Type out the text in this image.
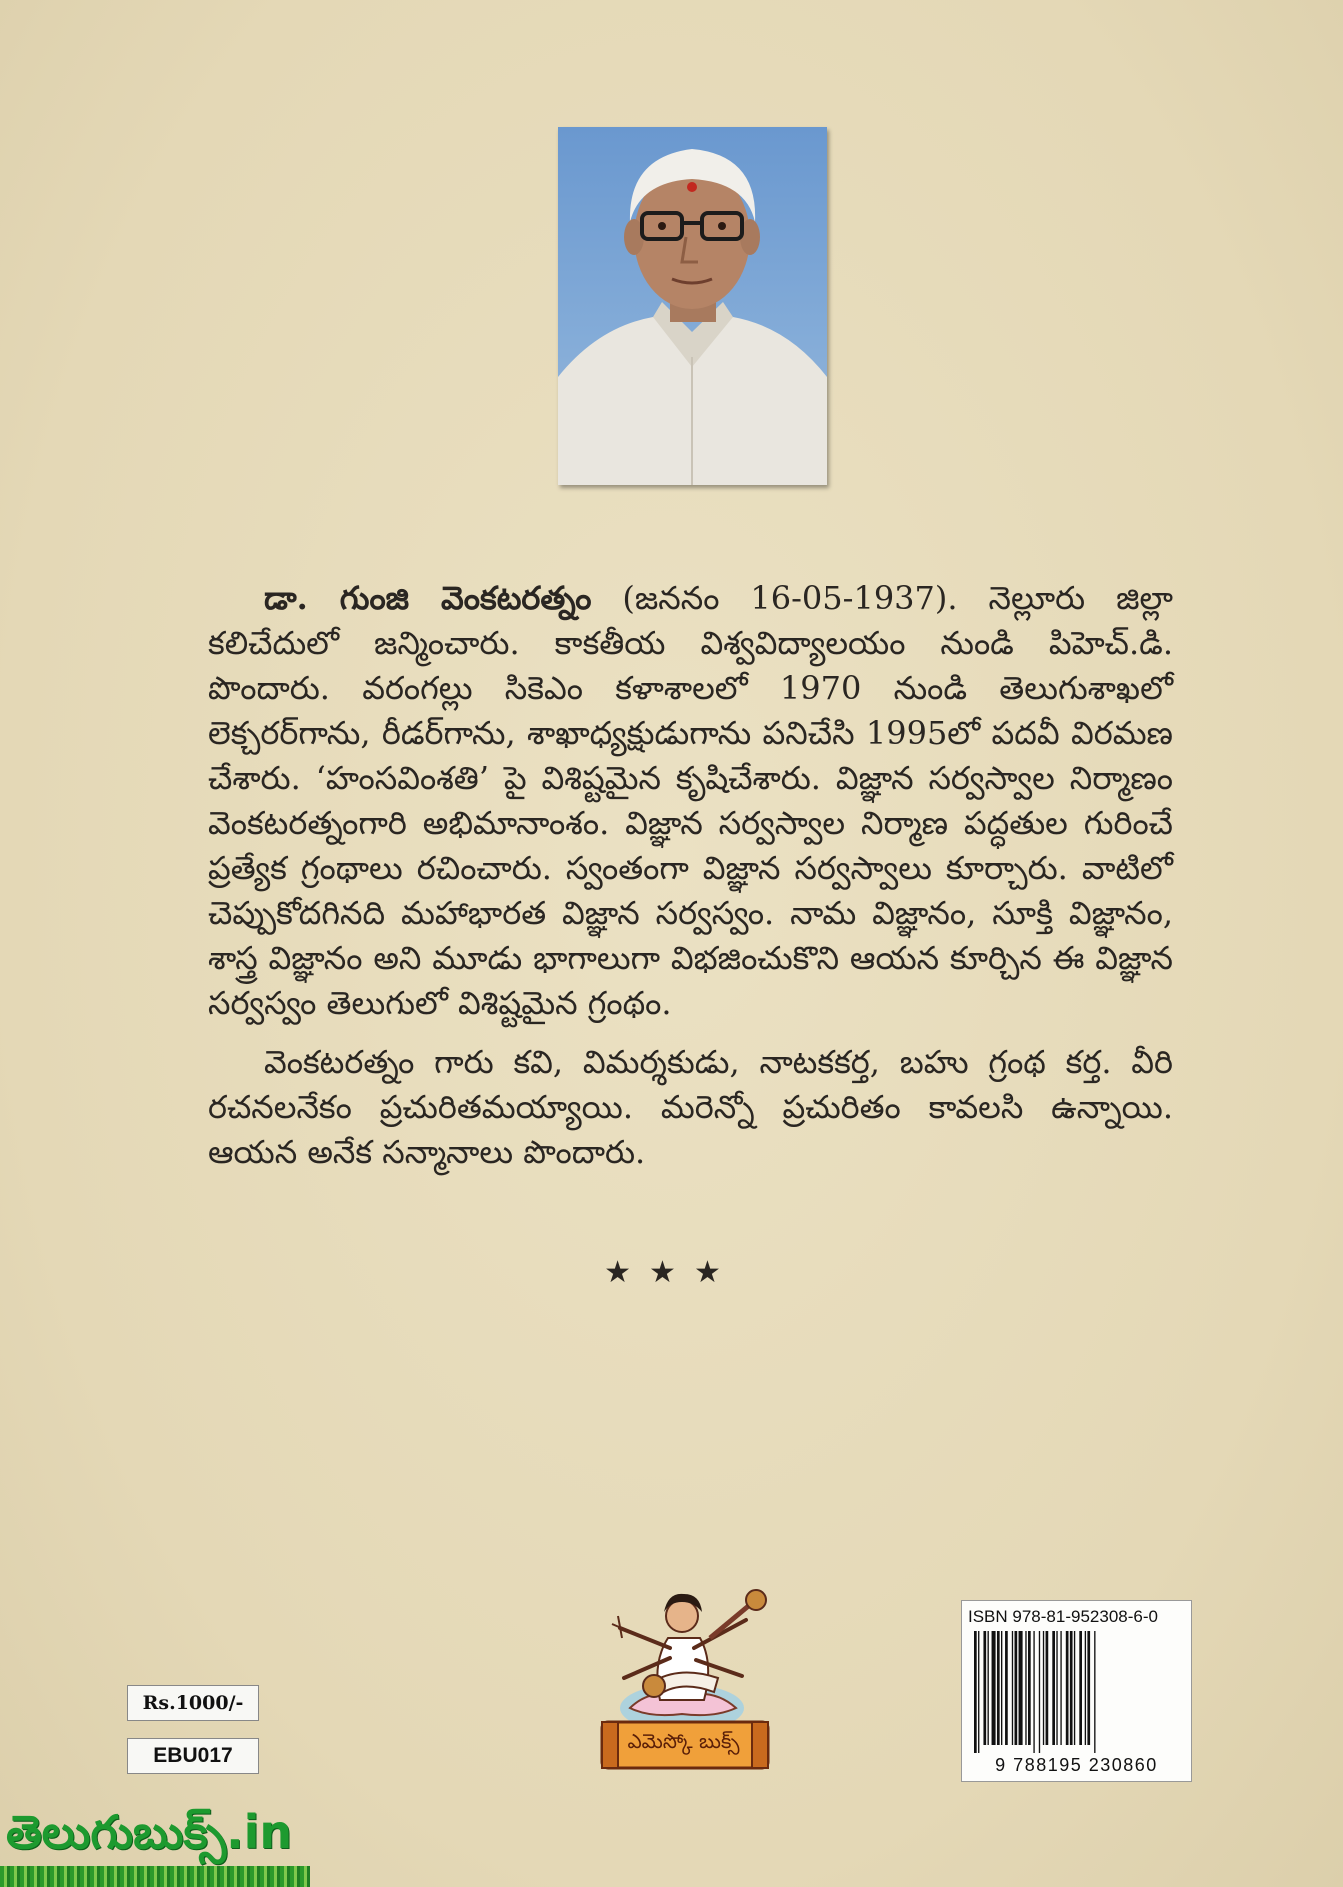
డా. గుంజి వెంకటరత్నం (జననం 16-05-1937). నెల్లూరు జిల్లా కలిచేదులో జన్మించారు. కాకతీయ విశ్వవిద్యాలయం నుండి పిహెచ్.డి. పొందారు. వరంగల్లు సికెఎం కళాశాలలో 1970 నుండి తెలుగుశాఖలో లెక్చరర్‌గాను, రీడర్‌గాను, శాఖాధ్యక్షుడుగాను పనిచేసి 1995లో పదవీ విరమణ చేశారు. ‘హంసవింశతి’ పై విశిష్టమైన కృషిచేశారు. విజ్ఞాన సర్వస్వాల నిర్మాణం వెంకటరత్నంగారి అభిమానాంశం. విజ్ఞాన సర్వస్వాల నిర్మాణ పద్ధతుల గురించే ప్రత్యేక గ్రంథాలు రచించారు. స్వంతంగా విజ్ఞాన సర్వస్వాలు కూర్చారు. వాటిలో చెప్పుకోదగినది మహాభారత విజ్ఞాన సర్వస్వం. నామ విజ్ఞానం, సూక్తి విజ్ఞానం, శాస్త్ర విజ్ఞానం అని మూడు భాగాలుగా విభజించుకొని ఆయన కూర్చిన ఈ విజ్ఞాన సర్వస్వం తెలుగులో విశిష్టమైన గ్రంథం.

వెంకటరత్నం గారు కవి, విమర్శకుడు, నాటకకర్త, బహు గ్రంథ కర్త. వీరి రచనలనేకం ప్రచురితమయ్యాయి. మరెన్నో ప్రచురితం కావలసి ఉన్నాయి. ఆయన అనేక సన్మానాలు పొందారు.

★★★
ఎమెస్కో బుక్స్
ISBN 978-81-952308-6-0
9 788195 230860
Rs.1000/-
EBU017
తెలుగుబుక్స్.in
